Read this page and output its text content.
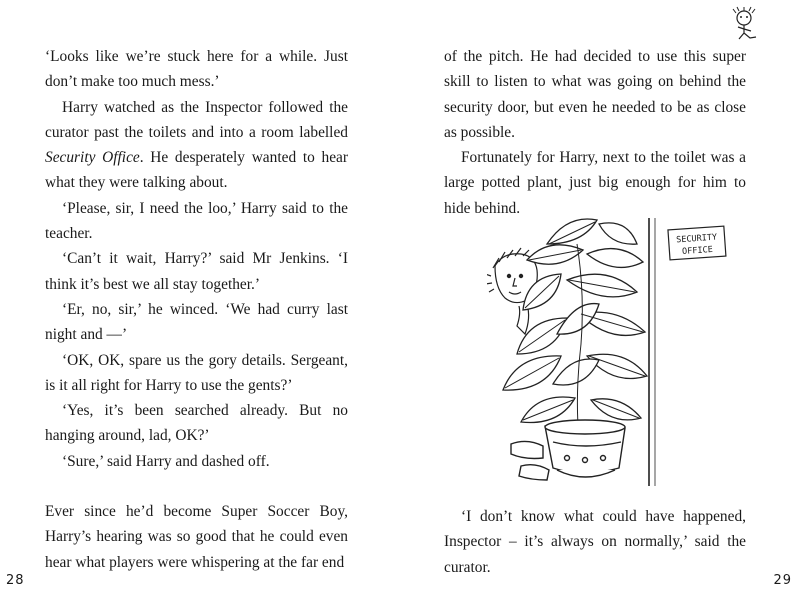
‘Looks like we’re stuck here for a while. Just don’t make too much mess.’

Harry watched as the Inspector followed the curator past the toilets and into a room labelled Security Office. He desperately wanted to hear what they were talking about.

‘Please, sir, I need the loo,’ Harry said to the teacher.

‘Can’t it wait, Harry?’ said Mr Jenkins. ‘I think it’s best we all stay together.’

‘Er, no, sir,’ he winced. ‘We had curry last night and —’

‘OK, OK, spare us the gory details. Sergeant, is it all right for Harry to use the gents?’

‘Yes, it’s been searched already. But no hanging around, lad, OK?’

‘Sure,’ said Harry and dashed off.

Ever since he’d become Super Soccer Boy, Harry’s hearing was so good that he could even hear what players were whispering at the far end

28

of the pitch. He had decided to use this super skill to listen to what was going on behind the security door, but even he needed to be as close as possible.

Fortunately for Harry, next to the toilet was a large potted plant, just big enough for him to hide behind.

‘I don’t know what could have happened, Inspector – it’s always on normally,’ said the curator.

SECURITY
OFFICE
29
